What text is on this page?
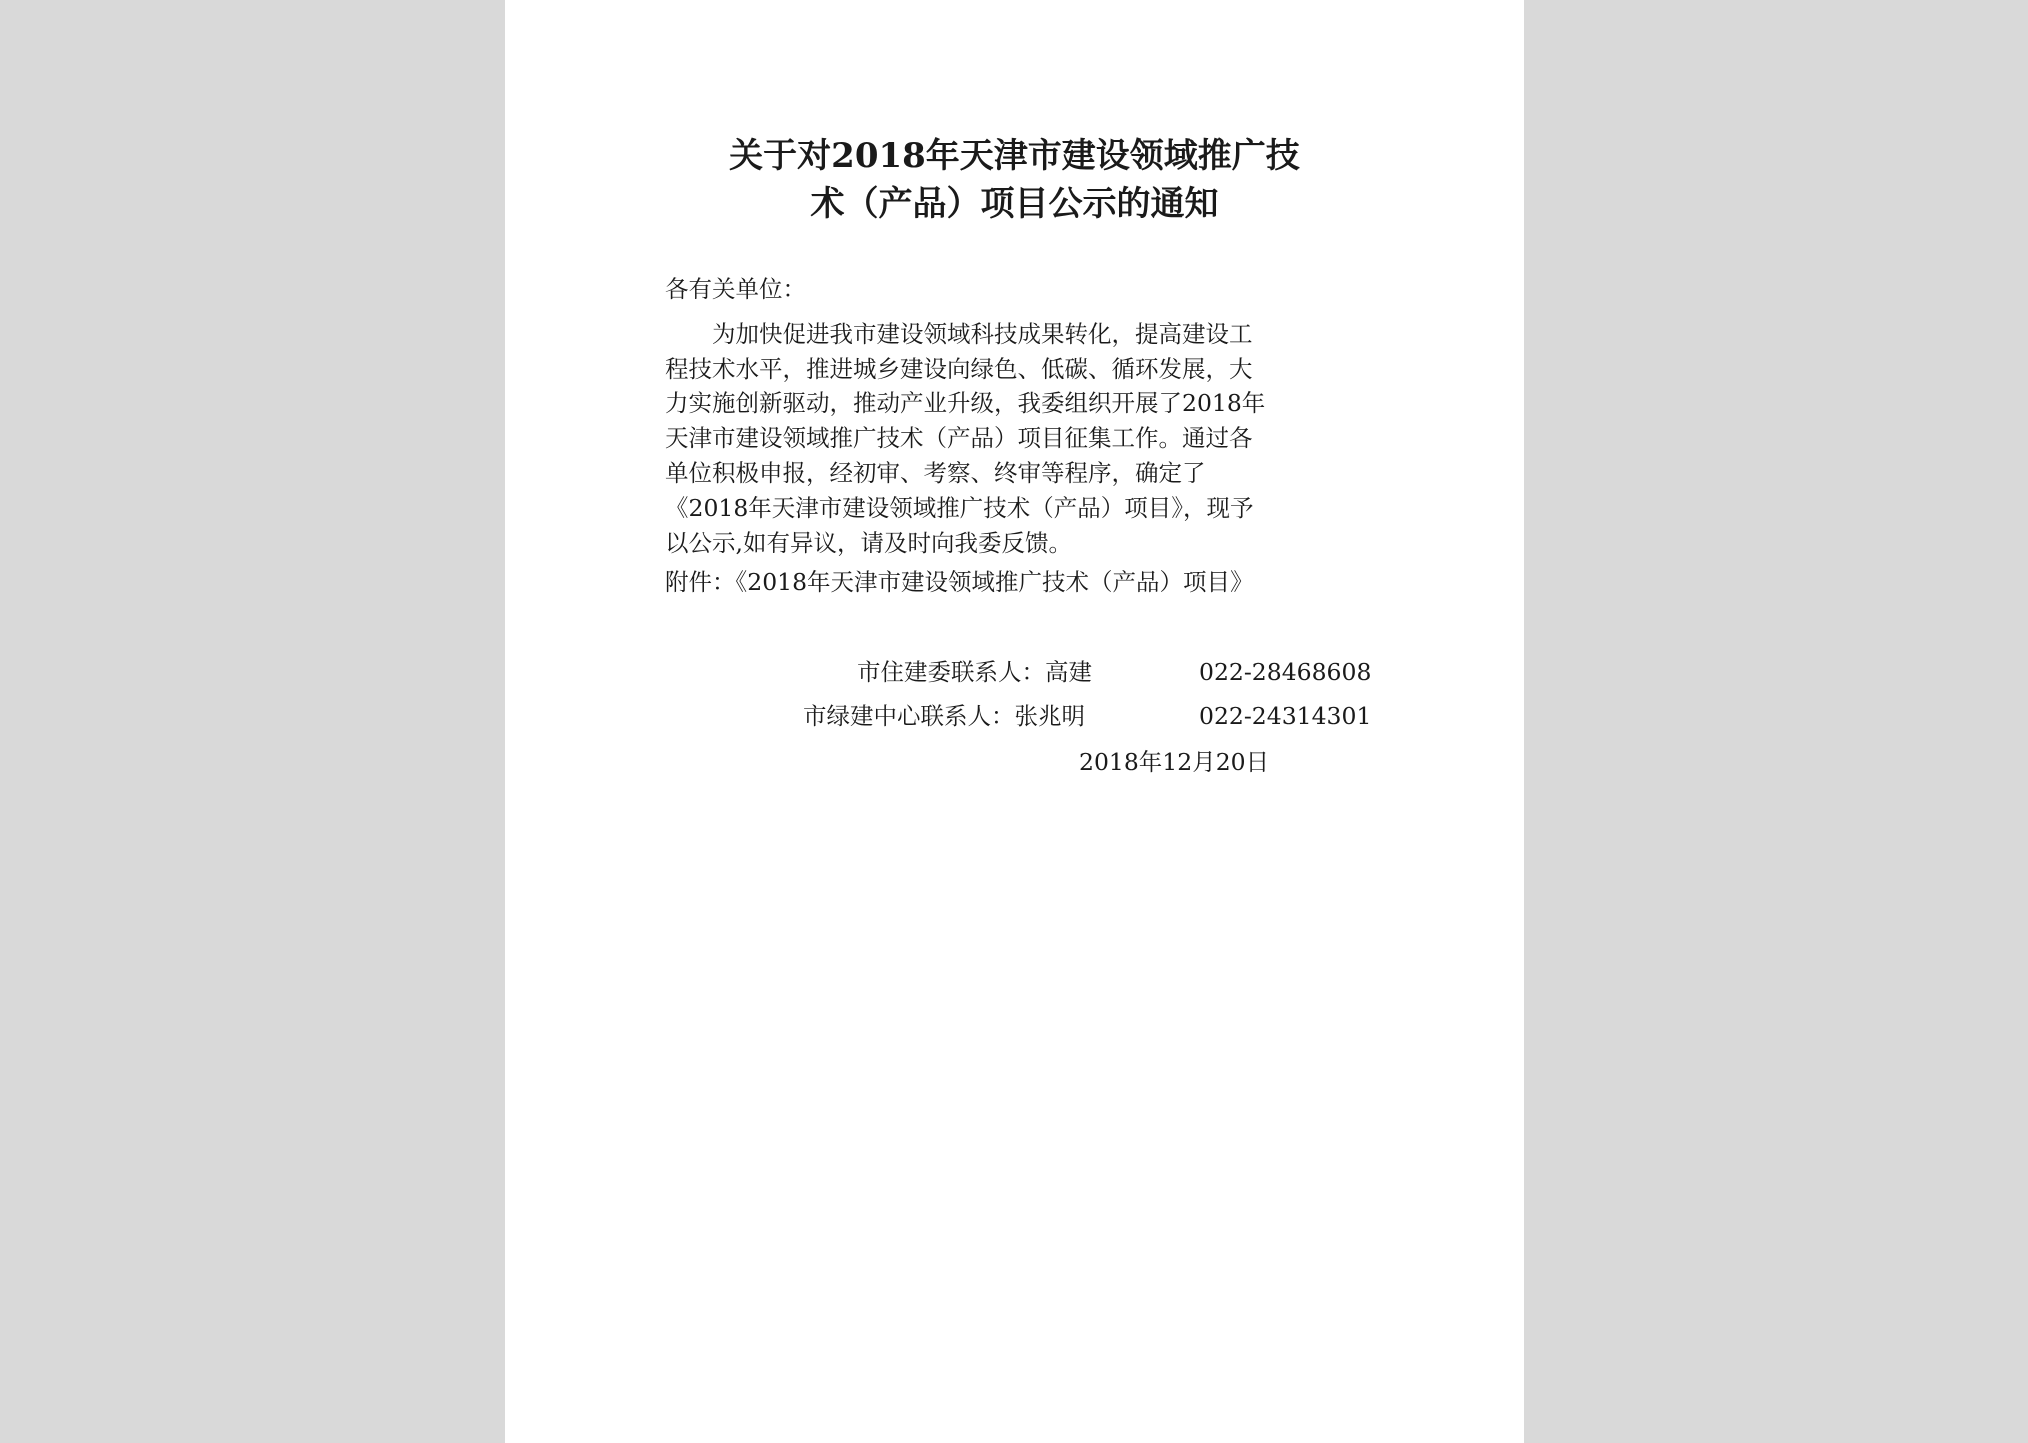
关于对2018年天津市建设领域推广技
术（产品）项目公示的通知
各有关单位：
为加快促进我市建设领域科技成果转化，提高建设工
程技术水平，推进城乡建设向绿色、低碳、循环发展，大
力实施创新驱动，推动产业升级，我委组织开展了2018年
天津市建设领域推广技术（产品）项目征集工作。通过各
单位积极申报，经初审、考察、终审等程序，确定了
《2018年天津市建设领域推广技术（产品）项目》，现予
以公示,如有异议，请及时向我委反馈。
附件：《2018年天津市建设领域推广技术（产品）项目》
市住建委联系人：高建	022-28468608
市绿建中心联系人：张兆明	022-24314301
2018年12月20日
